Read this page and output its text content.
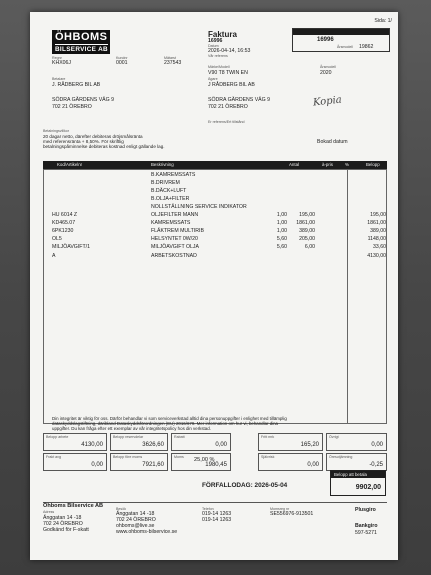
Sida: 1/
ÖHBOMS
BILSERVICE AB
Faktura
16996
Datum
2026-04-14, 16:53
Vår referens
16996
Årsmodell 19862
Regnr
KHX06J
Kundnr
0001
Mätarst
237543
Märke/Modell
V90 T8 TWIN EN
Ägare
J RÅDBERG BIL AB
Årsmodell
2020
Betalare
J. RÅDBERG BIL AB
SÖDRA GÄRDENS VÄG 9
702 21 ÖREBRO
SÖDRA GÄRDENS VÄG 9
702 21 ÖREBRO
Er referens/Ert tillstånd
Kopia
Betalningsvillkor
20 dagar netto, därefter debiteras dröjsmålsränta
med referensränta + 8,50%. För skriftlig
betalningspåminnelse debiteras kostnad enligt gällande lag.
Bokad datum
Kod/Artikelnr	Beskrivning	Antal	à-pris	%	Belopp
B.KAMREMSSATS
B.DRIVREM
B.DÄCK+LUFT
B.OLJA+FILTER
NOLLSTÄLLNING SERVICE INDIKATOR
HU 6014 Z	OLJEFILTER MANN	1,00 195,00	195,00
KD465.07	KAMREMSSATS	1,00 1861,00	1861,00
6PK1230	FLÄKTREM MULTIRIB	1,00 389,00	389,00
OL5	HELSYNTET 0W/20	5,60 205,00	1148,00
MILJÖAVGIFT/1	MILJÖAVGIFT OLJA	5,60	6,00	33,60
A	ARBETSKOSTNAD	4130,00
Din integritet är viktig för oss. Därför behandlar vi som serviceverkstad alltid dina personuppgifter i enlighet med tillämplig
dataskyddslagstiftning, däribland Dataskyddsförordningen (EU) 2016/679. Mer information om hur vi, behandlar dina
uppgifter. Du kan fråga efter ett exemplar av vår integritetspolicy hos din verkstad.
Belopp arbete
4130,00
Belopp reservdelar
3626,60
Rabatt
0,00
Fritt mrk
165,20
Övrigt
0,00
Frakt avg
0,00
Belopp före moms
7921,60
Moms 25,00 %
1980,45
Självrisk
0,00
Öresutjämning
-0,25
FÖRFALLODAG: 2026-05-04
Belopp att betala
9902,00
Öhboms Bilservice AB
Adress
Änggatan 14 -18
702 24 ÖREBRO
Godkänd för F-skatt
Besök
Änggatan 14 -18
702 24 ÖREBRO
ohboms@live.se
www.ohboms-bilservice.se
Telefon
019-14 1263
019-14 1263
Momsreg nr
SE556976-913501
Plusgiro
Bankgiro
597-5271
